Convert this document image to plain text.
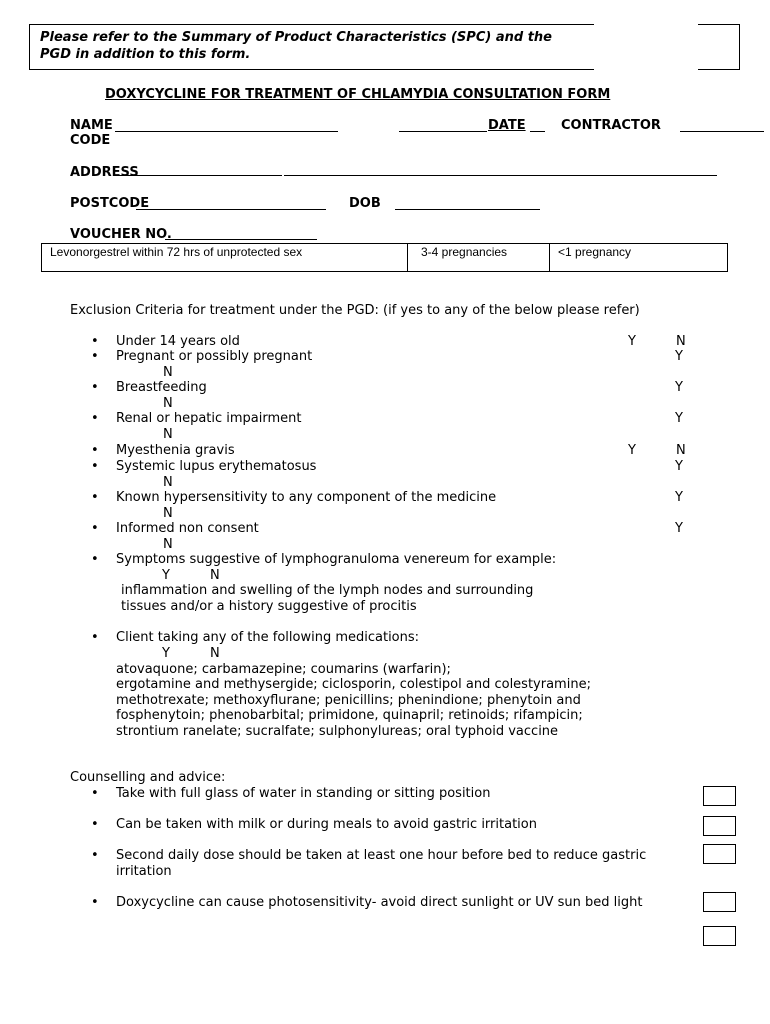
Please refer to the Summary of Product Characteristics (SPC) and the
PGD in addition to this form.
DOXYCYCLINE FOR TREATMENT OF CHLAMYDIA CONSULTATION FORM
NAME	DATE	CONTRACTOR
CODE
ADDRESS
POSTCODE	DOB
VOUCHER NO.
Levonorgestrel within 72 hrs of unprotected sex	3-4 pregnancies	<1 pregnancy
Exclusion Criteria for treatment under the PGD: (if yes to any of the below please refer)
•
Under 14 years old	Y	N
•
Pregnant or possibly pregnant	Y
N
•
Breastfeeding	Y
N
•
Renal or hepatic impairment	Y
N
•
Myesthenia gravis	Y	N
•
Systemic lupus erythematosus	Y
N
•
Known hypersensitivity to any component of the medicine	Y
N
•
Informed non consent	Y
N
•
Symptoms suggestive of lymphogranuloma venereum for example:
Y	N
inflammation and swelling of the lymph nodes and surrounding
tissues and/or a history suggestive of procitis
•
Client taking any of the following medications:
Y	N
atovaquone; carbamazepine; coumarins (warfarin);
ergotamine and methysergide; ciclosporin, colestipol and colestyramine;
methotrexate; methoxyflurane; penicillins; phenindione; phenytoin and
fosphenytoin; phenobarbital; primidone, quinapril; retinoids; rifampicin;
strontium ranelate; sucralfate; sulphonylureas; oral typhoid vaccine
Counselling and advice:
•
Take with full glass of water in standing or sitting position
•
Can be taken with milk or during meals to avoid gastric irritation
•
Second daily dose should be taken at least one hour before bed to reduce gastric
irritation
•
Doxycycline can cause photosensitivity- avoid direct sunlight or UV sun bed light
